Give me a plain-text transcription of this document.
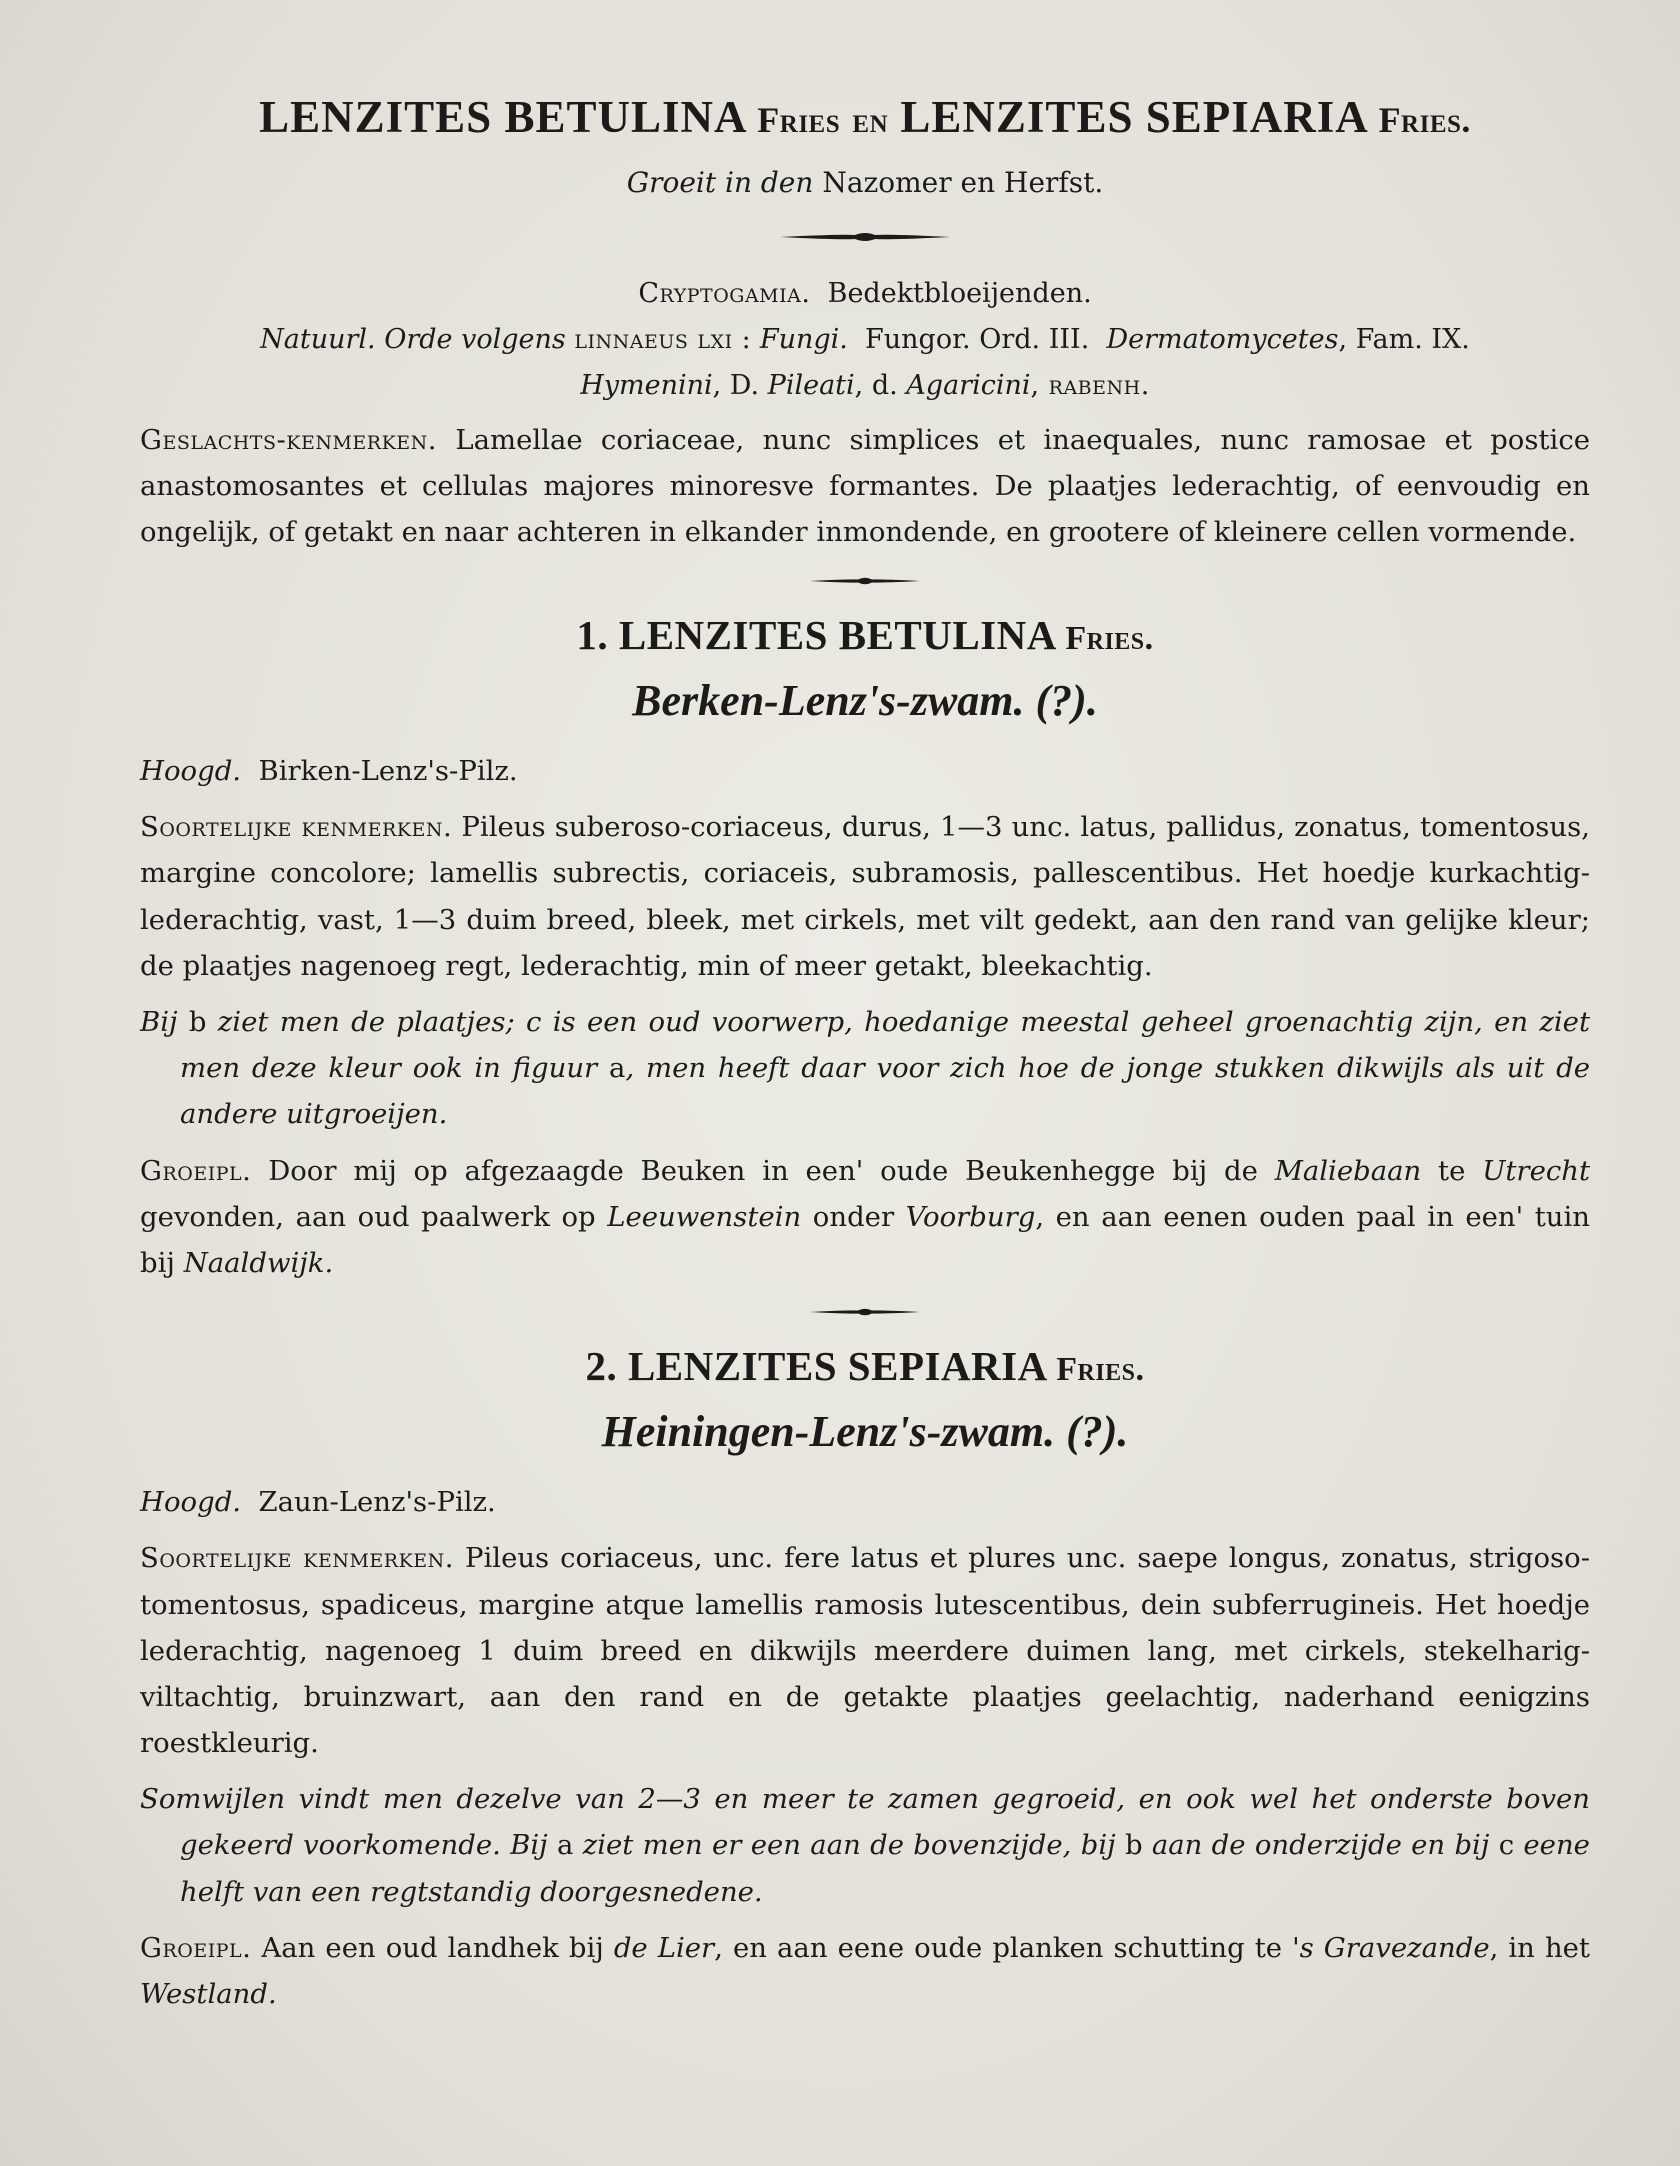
LENZITES BETULINA Fries en LENZITES SEPIARIA Fries.
Groeit in den Nazomer en Herfst.
Cryptogamia. Bedektbloeijenden.
Natuurl. Orde volgens linnaeus lxi : Fungi. Fungor. Ord. III. Dermatomycetes, Fam. IX.
Hymenini, D. Pileati, d. Agaricini, rabenh.

Geslachts-kenmerken. Lamellae coriaceae, nunc simplices et inaequales, nunc ramosae et postice anastomosantes et cellulas majores minoresve formantes. De plaatjes lederachtig, of eenvoudig en ongelijk, of getakt en naar achteren in elkander inmondende, en grootere of kleinere cellen vormende.

1. LENZITES BETULINA Fries.
Berken-Lenz's-zwam. (?).

Hoogd. Birken-Lenz's-Pilz.

Soortelijke kenmerken. Pileus suberoso-coriaceus, durus, 1—3 unc. latus, pallidus, zonatus, tomentosus, margine concolore; lamellis subrectis, coriaceis, subramosis, pallescentibus. Het hoedje kurkachtig-lederachtig, vast, 1—3 duim breed, bleek, met cirkels, met vilt gedekt, aan den rand van gelijke kleur; de plaatjes nagenoeg regt, lederachtig, min of meer getakt, bleekachtig.

Bij b ziet men de plaatjes; c is een oud voorwerp, hoedanige meestal geheel groenachtig zijn, en ziet men deze kleur ook in figuur a, men heeft daar voor zich hoe de jonge stukken dikwijls als uit de andere uitgroeijen.

Groeipl. Door mij op afgezaagde Beuken in een' oude Beukenhegge bij de Maliebaan te Utrecht gevonden, aan oud paalwerk op Leeuwenstein onder Voorburg, en aan eenen ouden paal in een' tuin bij Naaldwijk.

2. LENZITES SEPIARIA Fries.
Heiningen-Lenz's-zwam. (?).

Hoogd. Zaun-Lenz's-Pilz.

Soortelijke kenmerken. Pileus coriaceus, unc. fere latus et plures unc. saepe longus, zonatus, strigoso-tomentosus, spadiceus, margine atque lamellis ramosis lutescentibus, dein subferrugineis. Het hoedje lederachtig, nagenoeg 1 duim breed en dikwijls meerdere duimen lang, met cirkels, stekelharig-viltachtig, bruinzwart, aan den rand en de getakte plaatjes geelachtig, naderhand eenigzins roestkleurig.

Somwijlen vindt men dezelve van 2—3 en meer te zamen gegroeid, en ook wel het onderste boven gekeerd voorkomende. Bij a ziet men er een aan de bovenzijde, bij b aan de onderzijde en bij c eene helft van een regtstandig doorgesnedene.

Groeipl. Aan een oud landhek bij de Lier, en aan eene oude planken schutting te 's Gravezande, in het Westland.
